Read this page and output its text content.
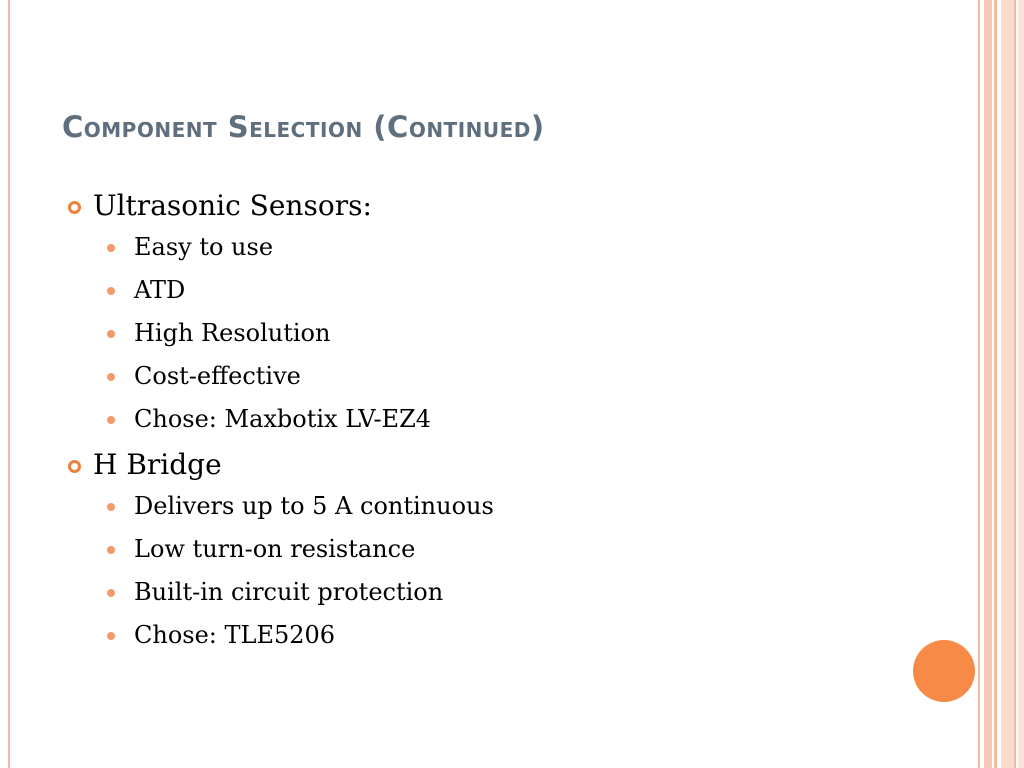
Component Selection (Continued)
Ultrasonic Sensors:
Easy to use
ATD
High Resolution
Cost-effective
Chose: Maxbotix LV-EZ4
H Bridge
Delivers up to 5 A continuous
Low turn-on resistance
Built-in circuit protection
Chose: TLE5206
